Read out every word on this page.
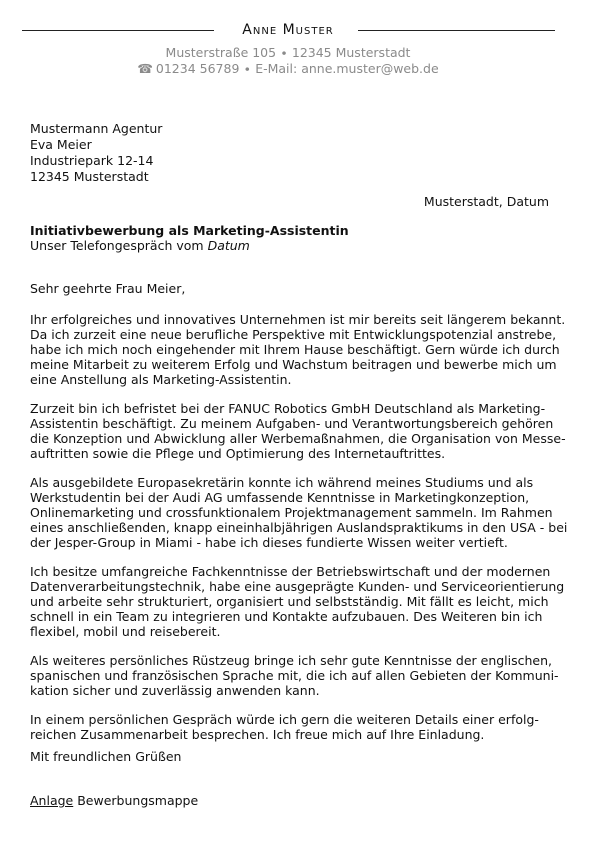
Anne Muster
Musterstraße 105 ∙ 12345 Musterstadt
☎ 01234 56789 ∙ E-Mail: anne.muster@web.de
Mustermann Agentur
Eva Meier
Industriepark 12-14
12345 Musterstadt
Musterstadt, Datum
Initiativbewerbung als Marketing-Assistentin
Unser Telefongespräch vom Datum

Sehr geehrte Frau Meier,

Ihr erfolgreiches und innovatives Unternehmen ist mir bereits seit längerem bekannt.
Da ich zurzeit eine neue berufliche Perspektive mit Entwicklungspotenzial anstrebe,
habe ich mich noch eingehender mit Ihrem Hause beschäftigt. Gern würde ich durch
meine Mitarbeit zu weiterem Erfolg und Wachstum beitragen und bewerbe mich um
eine Anstellung als Marketing-Assistentin.

Zurzeit bin ich befristet bei der FANUC Robotics GmbH Deutschland als Marketing-
Assistentin beschäftigt. Zu meinem Aufgaben- und Verantwortungsbereich gehören
die Konzeption und Abwicklung aller Werbemaßnahmen, die Organisation von Messe-
auftritten sowie die Pflege und Optimierung des Internetauftrittes.

Als ausgebildete Europasekretärin konnte ich während meines Studiums und als
Werkstudentin bei der Audi AG umfassende Kenntnisse in Marketingkonzeption,
Onlinemarketing und crossfunktionalem Projektmanagement sammeln. Im Rahmen
eines anschließenden, knapp eineinhalbjährigen Auslandspraktikums in den USA - bei
der Jesper-Group in Miami - habe ich dieses fundierte Wissen weiter vertieft.

Ich besitze umfangreiche Fachkenntnisse der Betriebswirtschaft und der modernen
Datenverarbeitungstechnik, habe eine ausgeprägte Kunden- und Serviceorientierung
und arbeite sehr strukturiert, organisiert und selbstständig. Mit fällt es leicht, mich
schnell in ein Team zu integrieren und Kontakte aufzubauen. Des Weiteren bin ich
flexibel, mobil und reisebereit.

Als weiteres persönliches Rüstzeug bringe ich sehr gute Kenntnisse der englischen,
spanischen und französischen Sprache mit, die ich auf allen Gebieten der Kommuni-
kation sicher und zuverlässig anwenden kann.

In einem persönlichen Gespräch würde ich gern die weiteren Details einer erfolg-
reichen Zusammenarbeit besprechen. Ich freue mich auf Ihre Einladung.

Mit freundlichen Grüßen
Anlage Bewerbungsmappe
